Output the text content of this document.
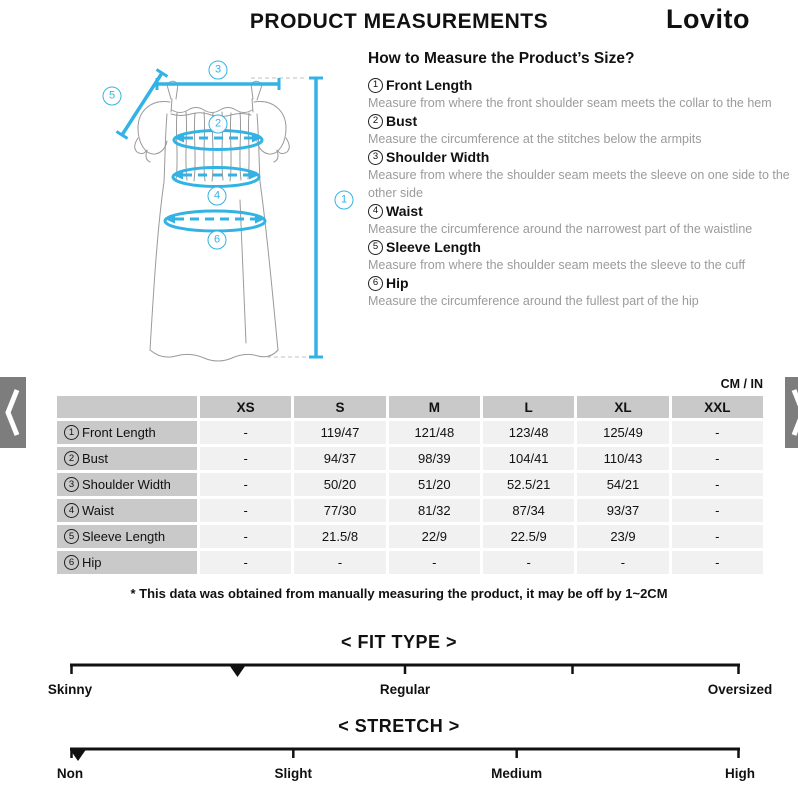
PRODUCT MEASUREMENTS	Lovito
1
2
3
4
5
6
How to Measure the Product’s Size?
1 Front Length
Measure from where the front shoulder seam meets the collar to the hem
2 Bust
Measure the circumference at the stitches below the armpits
3 Shoulder Width
Measure from where the shoulder seam meets the sleeve on one side to the other side
4 Waist
Measure the circumference around the narrowest part of the waistline
5 Sleeve Length
Measure from where the shoulder seam meets the sleeve to the cuff
6 Hip
Measure the circumference around the fullest part of the hip
CM / IN
	XS	S	M	L	XL	XXL

1 Front Length	-	119/47	121/48	123/48	125/49	-

2 Bust	-	94/37	98/39	104/41	110/43	-

3 Shoulder Width	-	50/20	51/20	52.5/21	54/21	-

4 Waist	-	77/30	81/32	87/34	93/37	-

5 Sleeve Length	-	21.5/8	22/9	22.5/9	23/9	-

6 Hip	-	-	-	-	-	-
* This data was obtained from manually measuring the product, it may be off by 1~2CM
< FIT TYPE >
Skinny	Regular	Oversized
< STRETCH >
Non	Slight	Medium	High
